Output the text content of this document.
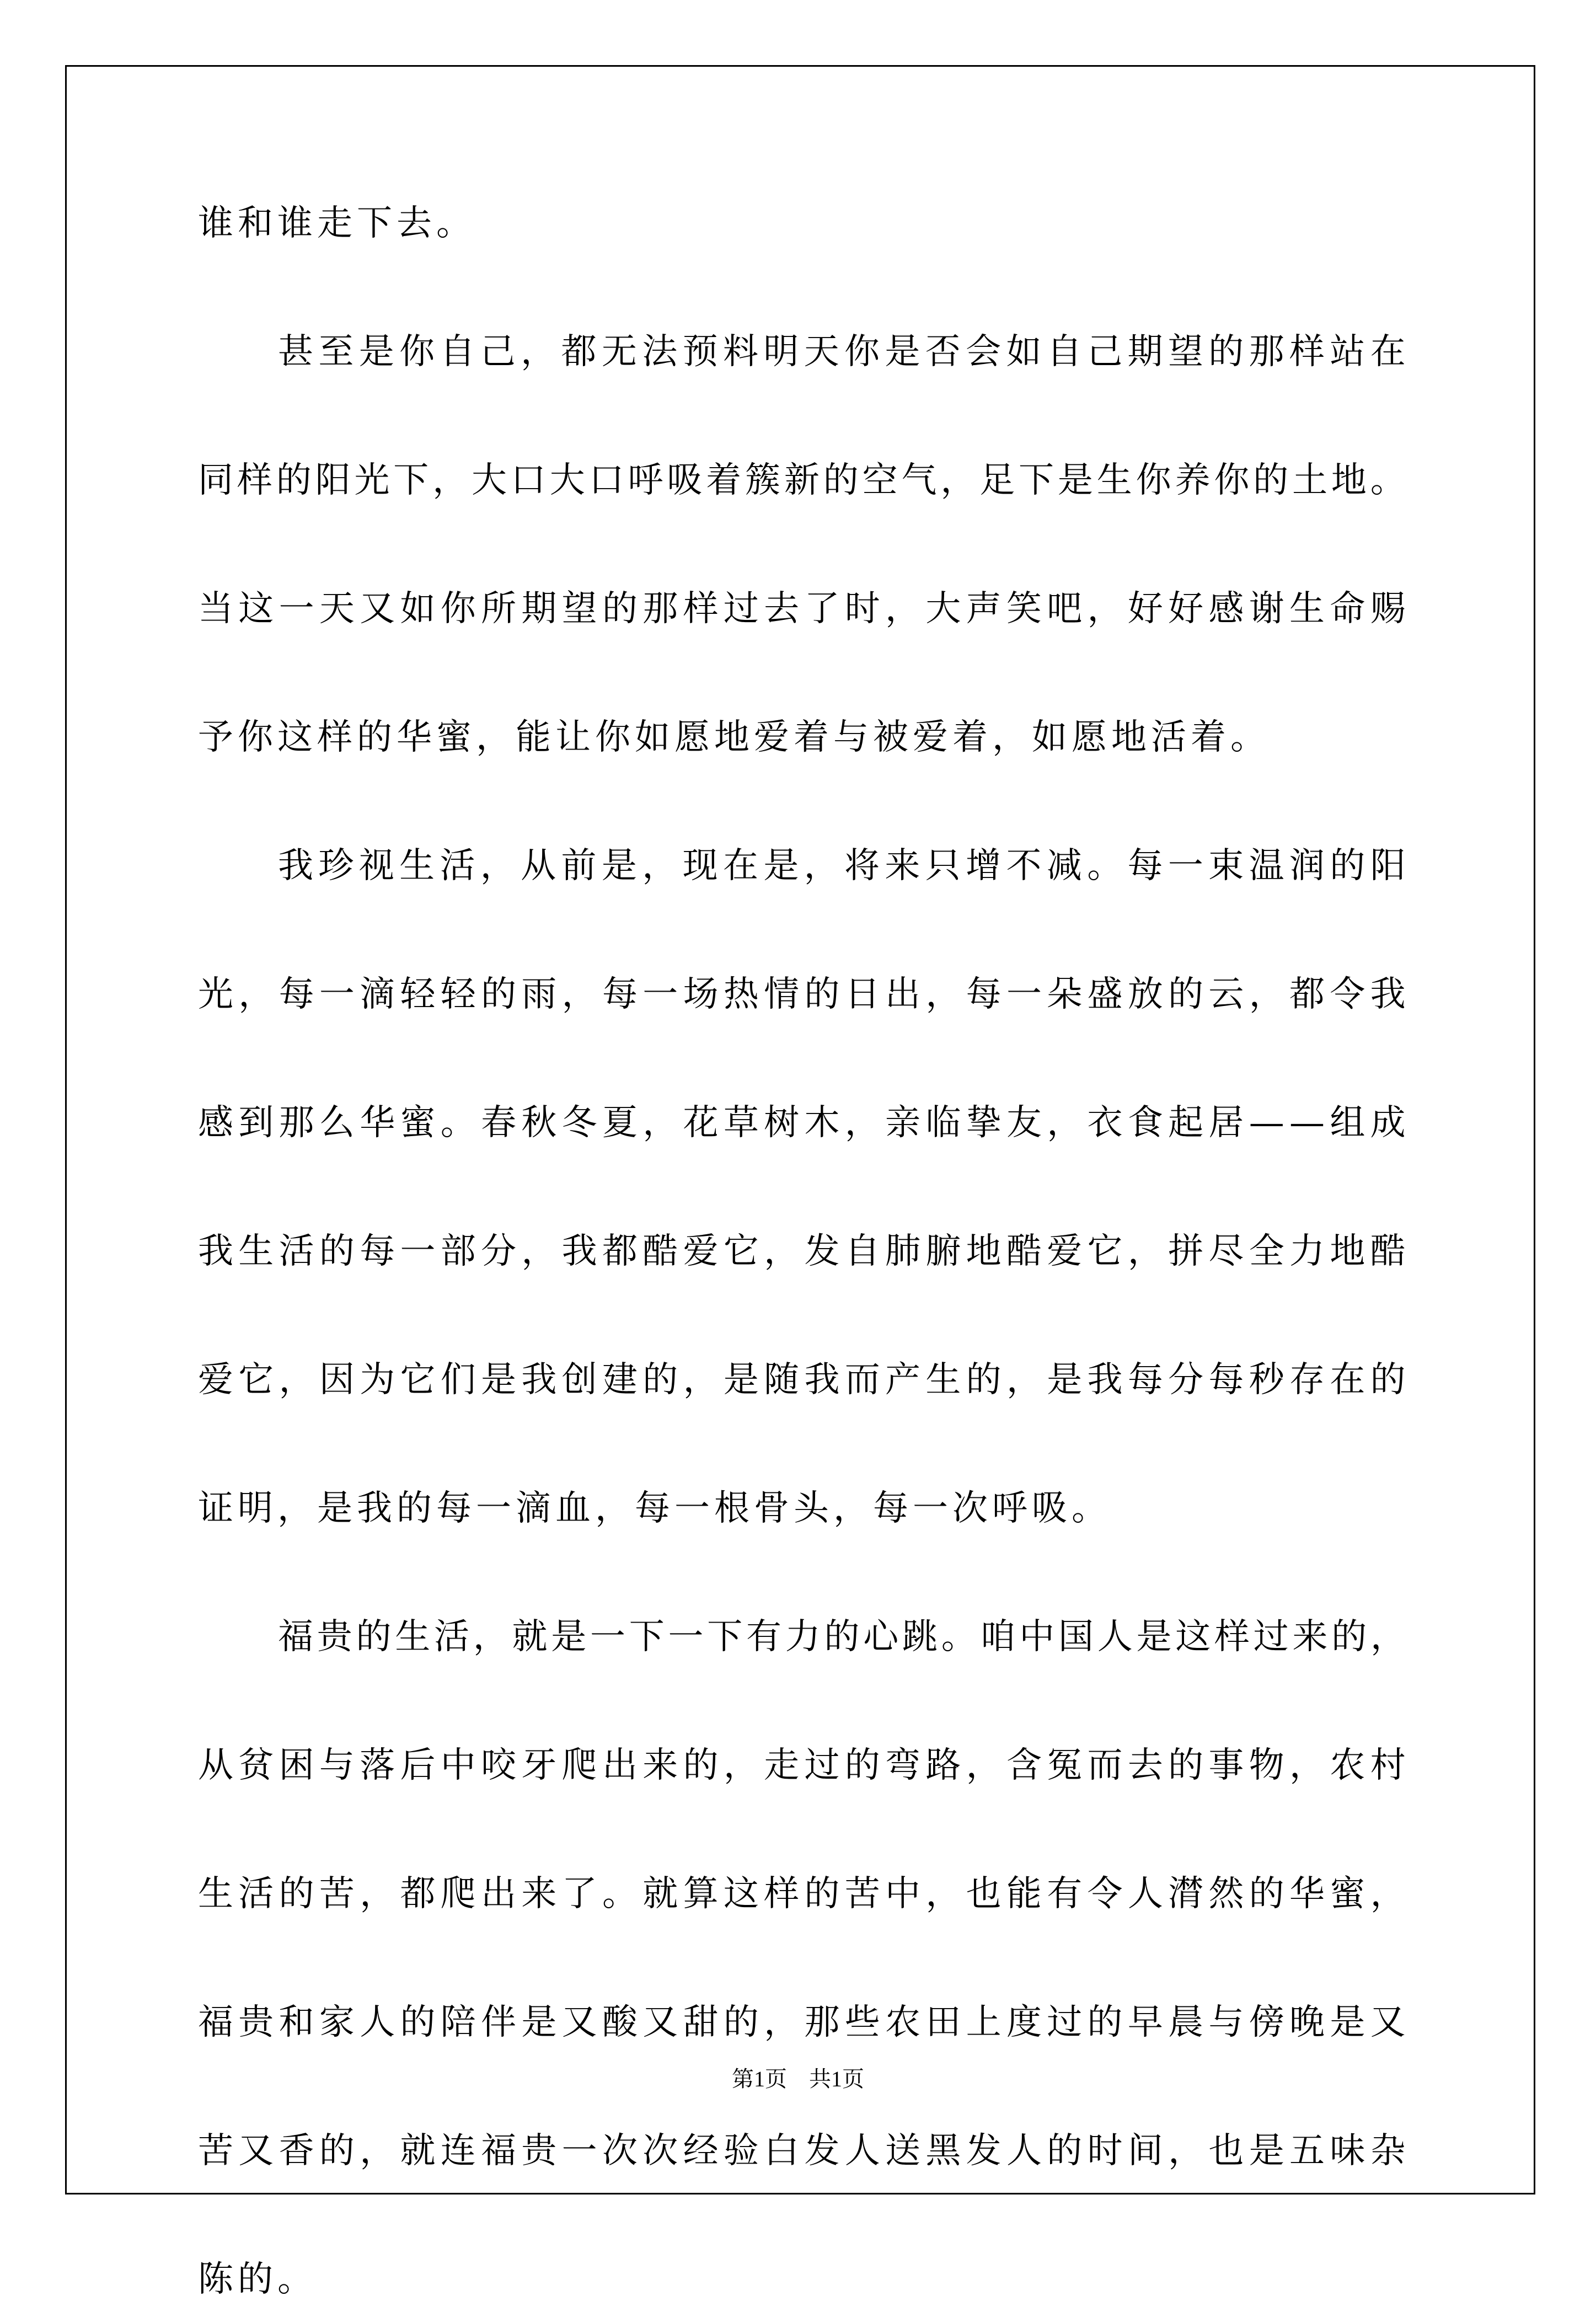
谁 和 谁 走 下 去 。
甚 至 是 你 自 己 ， 都 无 法 预 料 明 天 你 是 否 会 如 自 己 期 望 的 那 样 站 在
同 样 的 阳 光 下 ， 大 口 大 口 呼 吸 着 簇 新 的 空 气 ， 足 下 是 生 你 养 你 的 土 地 。
当 这 一 天 又 如 你 所 期 望 的 那 样 过 去 了 时 ， 大 声 笑 吧 ， 好 好 感 谢 生 命 赐
予 你 这 样 的 华 蜜 ， 能 让 你 如 愿 地 爱 着 与 被 爱 着 ， 如 愿 地 活 着 。
我 珍 视 生 活 ， 从 前 是 ， 现 在 是 ， 将 来 只 增 不 减 。 每 一 束 温 润 的 阳
光 ， 每 一 滴 轻 轻 的 雨 ， 每 一 场 热 情 的 日 出 ， 每 一 朵 盛 放 的 云 ， 都 令 我
感 到 那 么 华 蜜 。 春 秋 冬 夏 ， 花 草 树 木 ， 亲 临 挚 友 ， 衣 食 起 居 — — 组 成
我 生 活 的 每 一 部 分 ， 我 都 酷 爱 它 ， 发 自 肺 腑 地 酷 爱 它 ， 拼 尽 全 力 地 酷
爱 它 ， 因 为 它 们 是 我 创 建 的 ， 是 随 我 而 产 生 的 ， 是 我 每 分 每 秒 存 在 的
证 明 ， 是 我 的 每 一 滴 血 ， 每 一 根 骨 头 ， 每 一 次 呼 吸 。
福 贵 的 生 活 ， 就 是 一 下 一 下 有 力 的 心 跳 。 咱 中 国 人 是 这 样 过 来 的 ，
从 贫 困 与 落 后 中 咬 牙 爬 出 来 的 ， 走 过 的 弯 路 ， 含 冤 而 去 的 事 物 ， 农 村
生 活 的 苦 ， 都 爬 出 来 了 。 就 算 这 样 的 苦 中 ， 也 能 有 令 人 潸 然 的 华 蜜 ，
福 贵 和 家 人 的 陪 伴 是 又 酸 又 甜 的 ， 那 些 农 田 上 度 过 的 早 晨 与 傍 晚 是 又
苦 又 香 的 ， 就 连 福 贵 一 次 次 经 验 白 发 人 送 黑 发 人 的 时 间 ， 也 是 五 味 杂
陈 的 。
第1页　共1页
